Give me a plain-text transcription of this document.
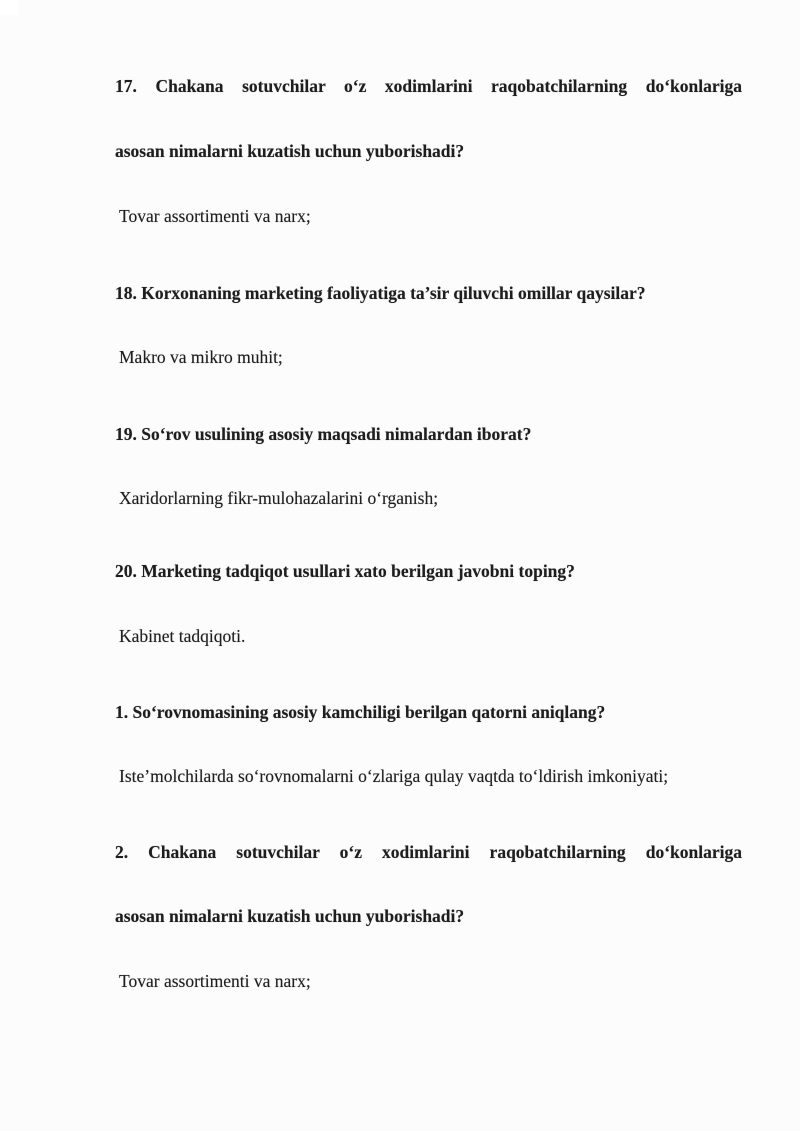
17. Chakana sotuvchilar oʻz xodimlarini raqobatchilarning doʻkonlariga
asosan nimalarni kuzatish uchun yuborishadi?
Tovar assortimenti va narx;
18. Korxonaning marketing faoliyatiga ta’sir qiluvchi omillar qaysilar?
Makro va mikro muhit;
19. Soʻrov usulining asosiy maqsadi nimalardan iborat?
Xaridorlarning fikr-mulohazalarini oʻrganish;
20. Marketing tadqiqot usullari xato berilgan javobni toping?
Kabinet tadqiqoti.
1. Soʻrovnomasining asosiy kamchiligi berilgan qatorni aniqlang?
Iste’molchilarda soʻrovnomalarni oʻzlariga qulay vaqtda toʻldirish imkoniyati;
2. Chakana sotuvchilar oʻz xodimlarini raqobatchilarning doʻkonlariga
asosan nimalarni kuzatish uchun yuborishadi?
Tovar assortimenti va narx;
